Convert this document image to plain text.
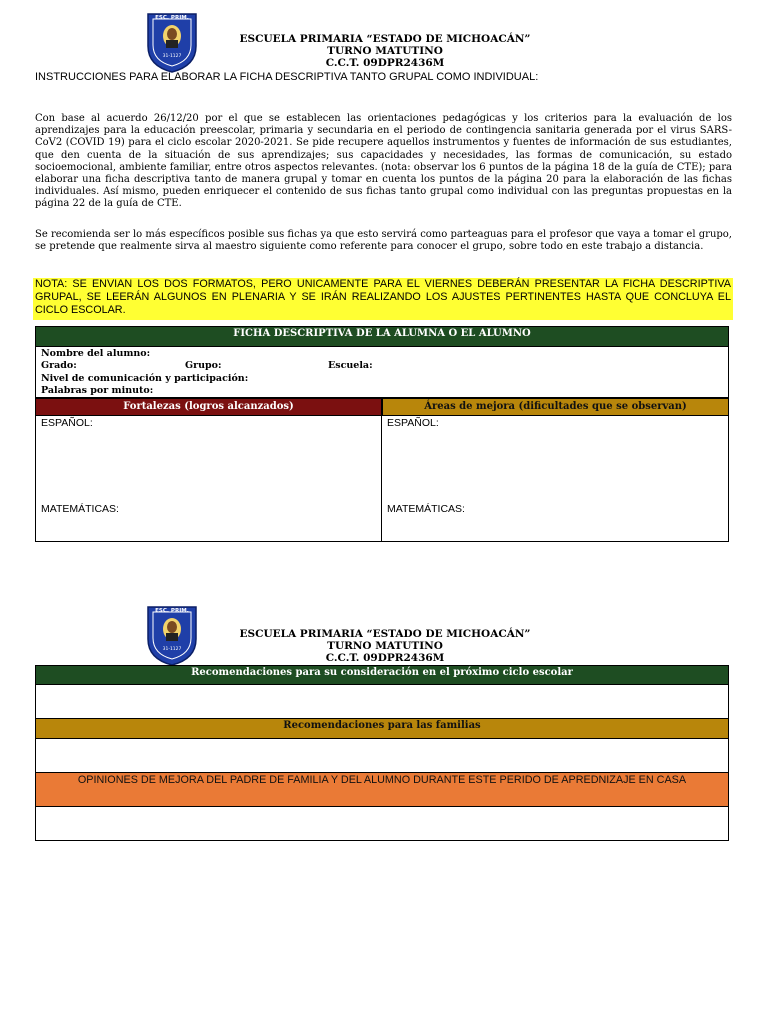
ESC. PRIM.
31-1127
ESCUELA PRIMARIA “ESTADO DE MICHOACÁN”
TURNO MATUTINO
C.C.T. 09DPR2436M
INSTRUCCIONES PARA ELABORAR LA FICHA DESCRIPTIVA TANTO GRUPAL COMO INDIVIDUAL:
Con base al acuerdo 26/12/20 por el que se establecen las orientaciones pedagógicas y los criterios para la evaluación de los aprendizajes para la educación preescolar, primaria y secundaria en el periodo de contingencia sanitaria generada por el virus SARS-CoV2 (COVID 19) para el ciclo escolar 2020-2021. Se pide recupere aquellos instrumentos y fuentes de información de sus estudiantes, que den cuenta de la situación de sus aprendizajes; sus capacidades y necesidades, las formas de comunicación, su estado socioemocional, ambiente familiar, entre otros aspectos relevantes. (nota: observar los 6 puntos de la página 18 de la guía de CTE); para elaborar una ficha descriptiva tanto de manera grupal y tomar en cuenta los puntos de la página 20 para la elaboración de las fichas individuales. Así mismo, pueden enriquecer el contenido de sus fichas tanto grupal como individual con las preguntas propuestas en la página 22 de la guía de CTE.
Se recomienda ser lo más específicos posible sus fichas ya que esto servirá como parteaguas para el profesor que vaya a tomar el grupo, se pretende que realmente sirva al maestro siguiente como referente para conocer el grupo, sobre todo en este trabajo a distancia.
NOTA: SE ENVIAN LOS DOS FORMATOS, PERO UNICAMENTE PARA EL VIERNES DEBERÁN PRESENTAR LA FICHA DESCRIPTIVA GRUPAL, SE LEERÁN ALGUNOS EN PLENARIA Y SE IRÁN REALIZANDO LOS AJUSTES PERTINENTES HASTA QUE CONCLUYA EL CICLO ESCOLAR.
FICHA DESCRIPTIVA DE LA ALUMNA O EL ALUMNO
Nombre del alumno:
Grado:	Grupo:	Escuela:

Nivel de comunicación y participación:

Palabras por minuto:

Fortalezas (logros alcanzados)
ESPAÑOL:
MATEMÁTICAS:
Áreas de mejora (dificultades que se observan)
ESPAÑOL:
MATEMÁTICAS:
ESC. PRIM.
31-1127
ESCUELA PRIMARIA “ESTADO DE MICHOACÁN”
TURNO MATUTINO
C.C.T. 09DPR2436M
Recomendaciones para su consideración en el próximo ciclo escolar
Recomendaciones para las familias
OPINIONES DE MEJORA DEL PADRE DE FAMILIA Y DEL ALUMNO DURANTE ESTE PERIDO DE APREDNIZAJE EN CASA
